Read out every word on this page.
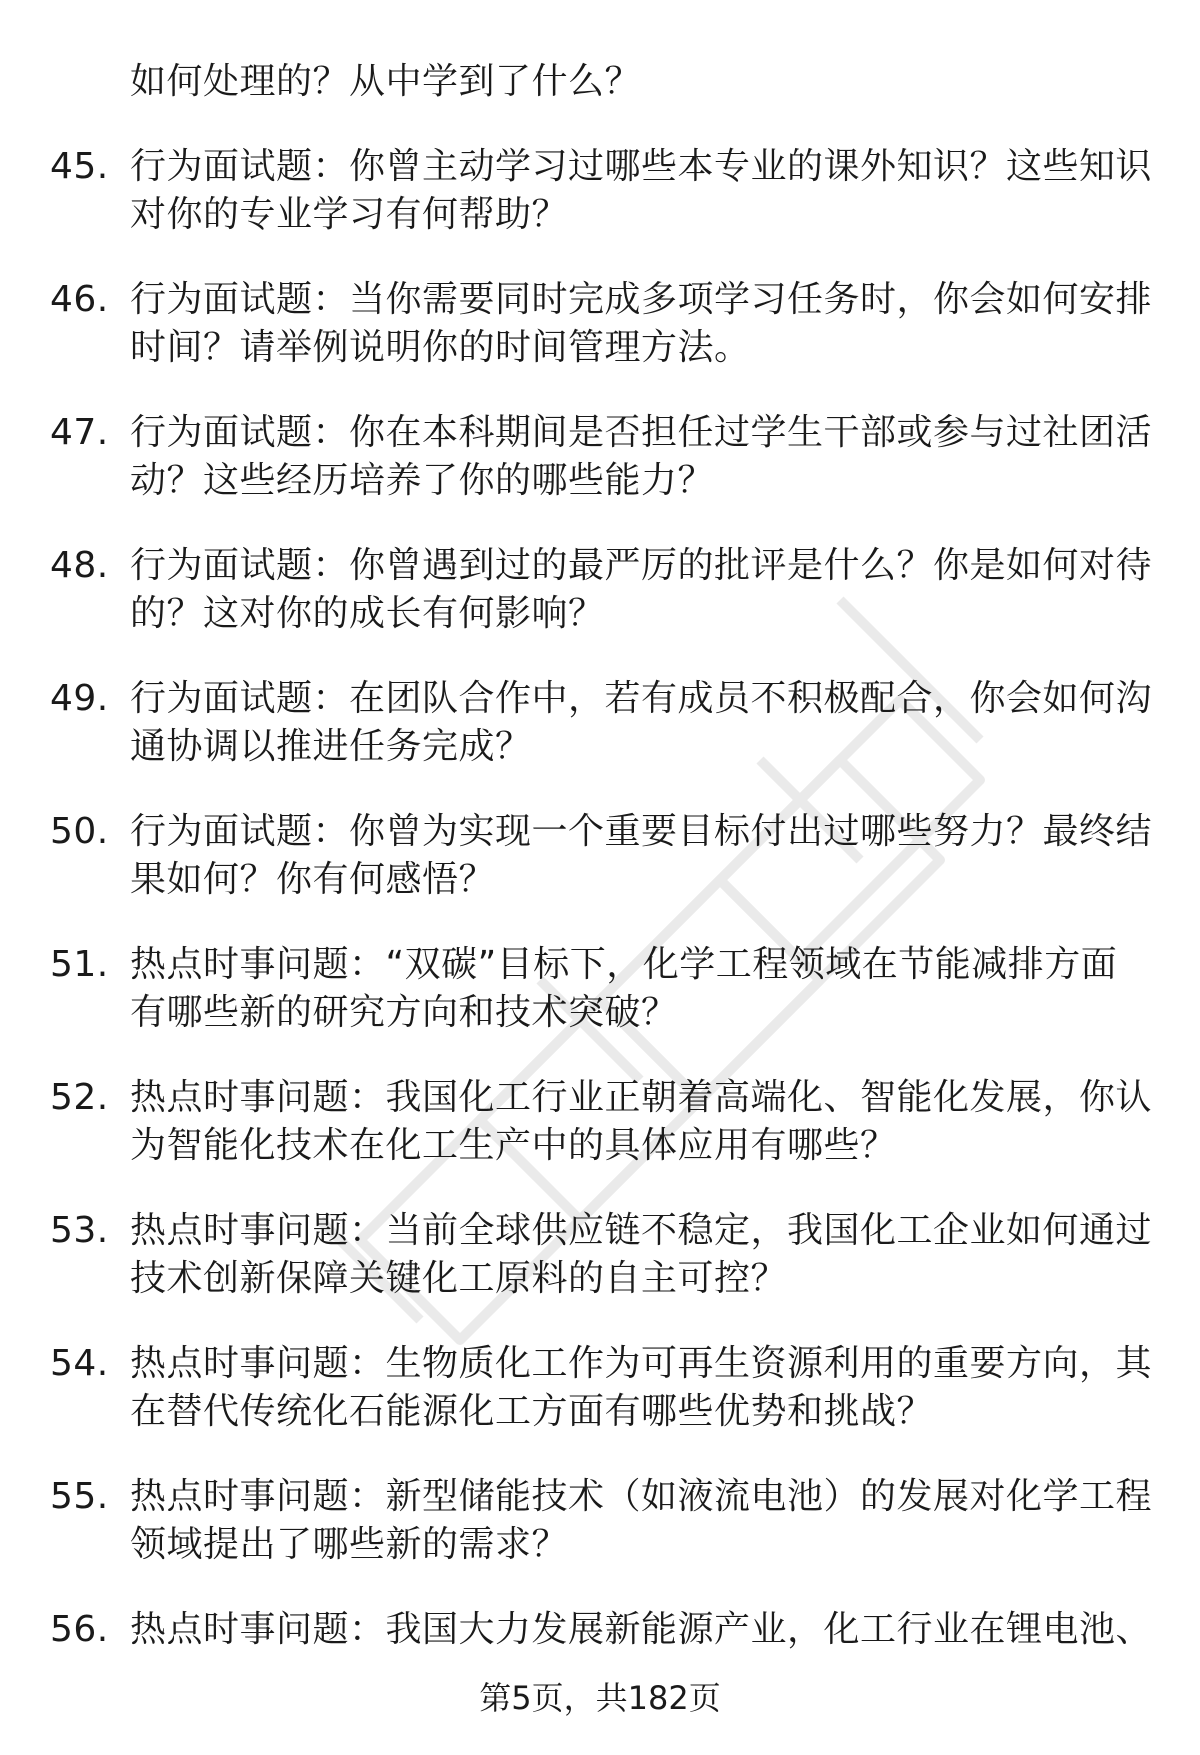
如何处理的？从中学到了什么？
45. 行为面试题：你曾主动学习过哪些本专业的课外知识？这些知识
对你的专业学习有何帮助？
46. 行为面试题：当你需要同时完成多项学习任务时，你会如何安排
时间？请举例说明你的时间管理方法。
47. 行为面试题：你在本科期间是否担任过学生干部或参与过社团活
动？这些经历培养了你的哪些能力？
48. 行为面试题：你曾遇到过的最严厉的批评是什么？你是如何对待
的？这对你的成长有何影响？
49. 行为面试题：在团队合作中，若有成员不积极配合，你会如何沟
通协调以推进任务完成？
50. 行为面试题：你曾为实现一个重要目标付出过哪些努力？最终结
果如何？你有何感悟？
51. 热点时事问题：“双碳”目标下，化学工程领域在节能减排方面
有哪些新的研究方向和技术突破？
52. 热点时事问题：我国化工行业正朝着高端化、智能化发展，你认
为智能化技术在化工生产中的具体应用有哪些？
53. 热点时事问题：当前全球供应链不稳定，我国化工企业如何通过
技术创新保障关键化工原料的自主可控？
54. 热点时事问题：生物质化工作为可再生资源利用的重要方向，其
在替代传统化石能源化工方面有哪些优势和挑战？
55. 热点时事问题：新型储能技术（如液流电池）的发展对化学工程
领域提出了哪些新的需求？
56. 热点时事问题：我国大力发展新能源产业，化工行业在锂电池、
第5页，共182页
